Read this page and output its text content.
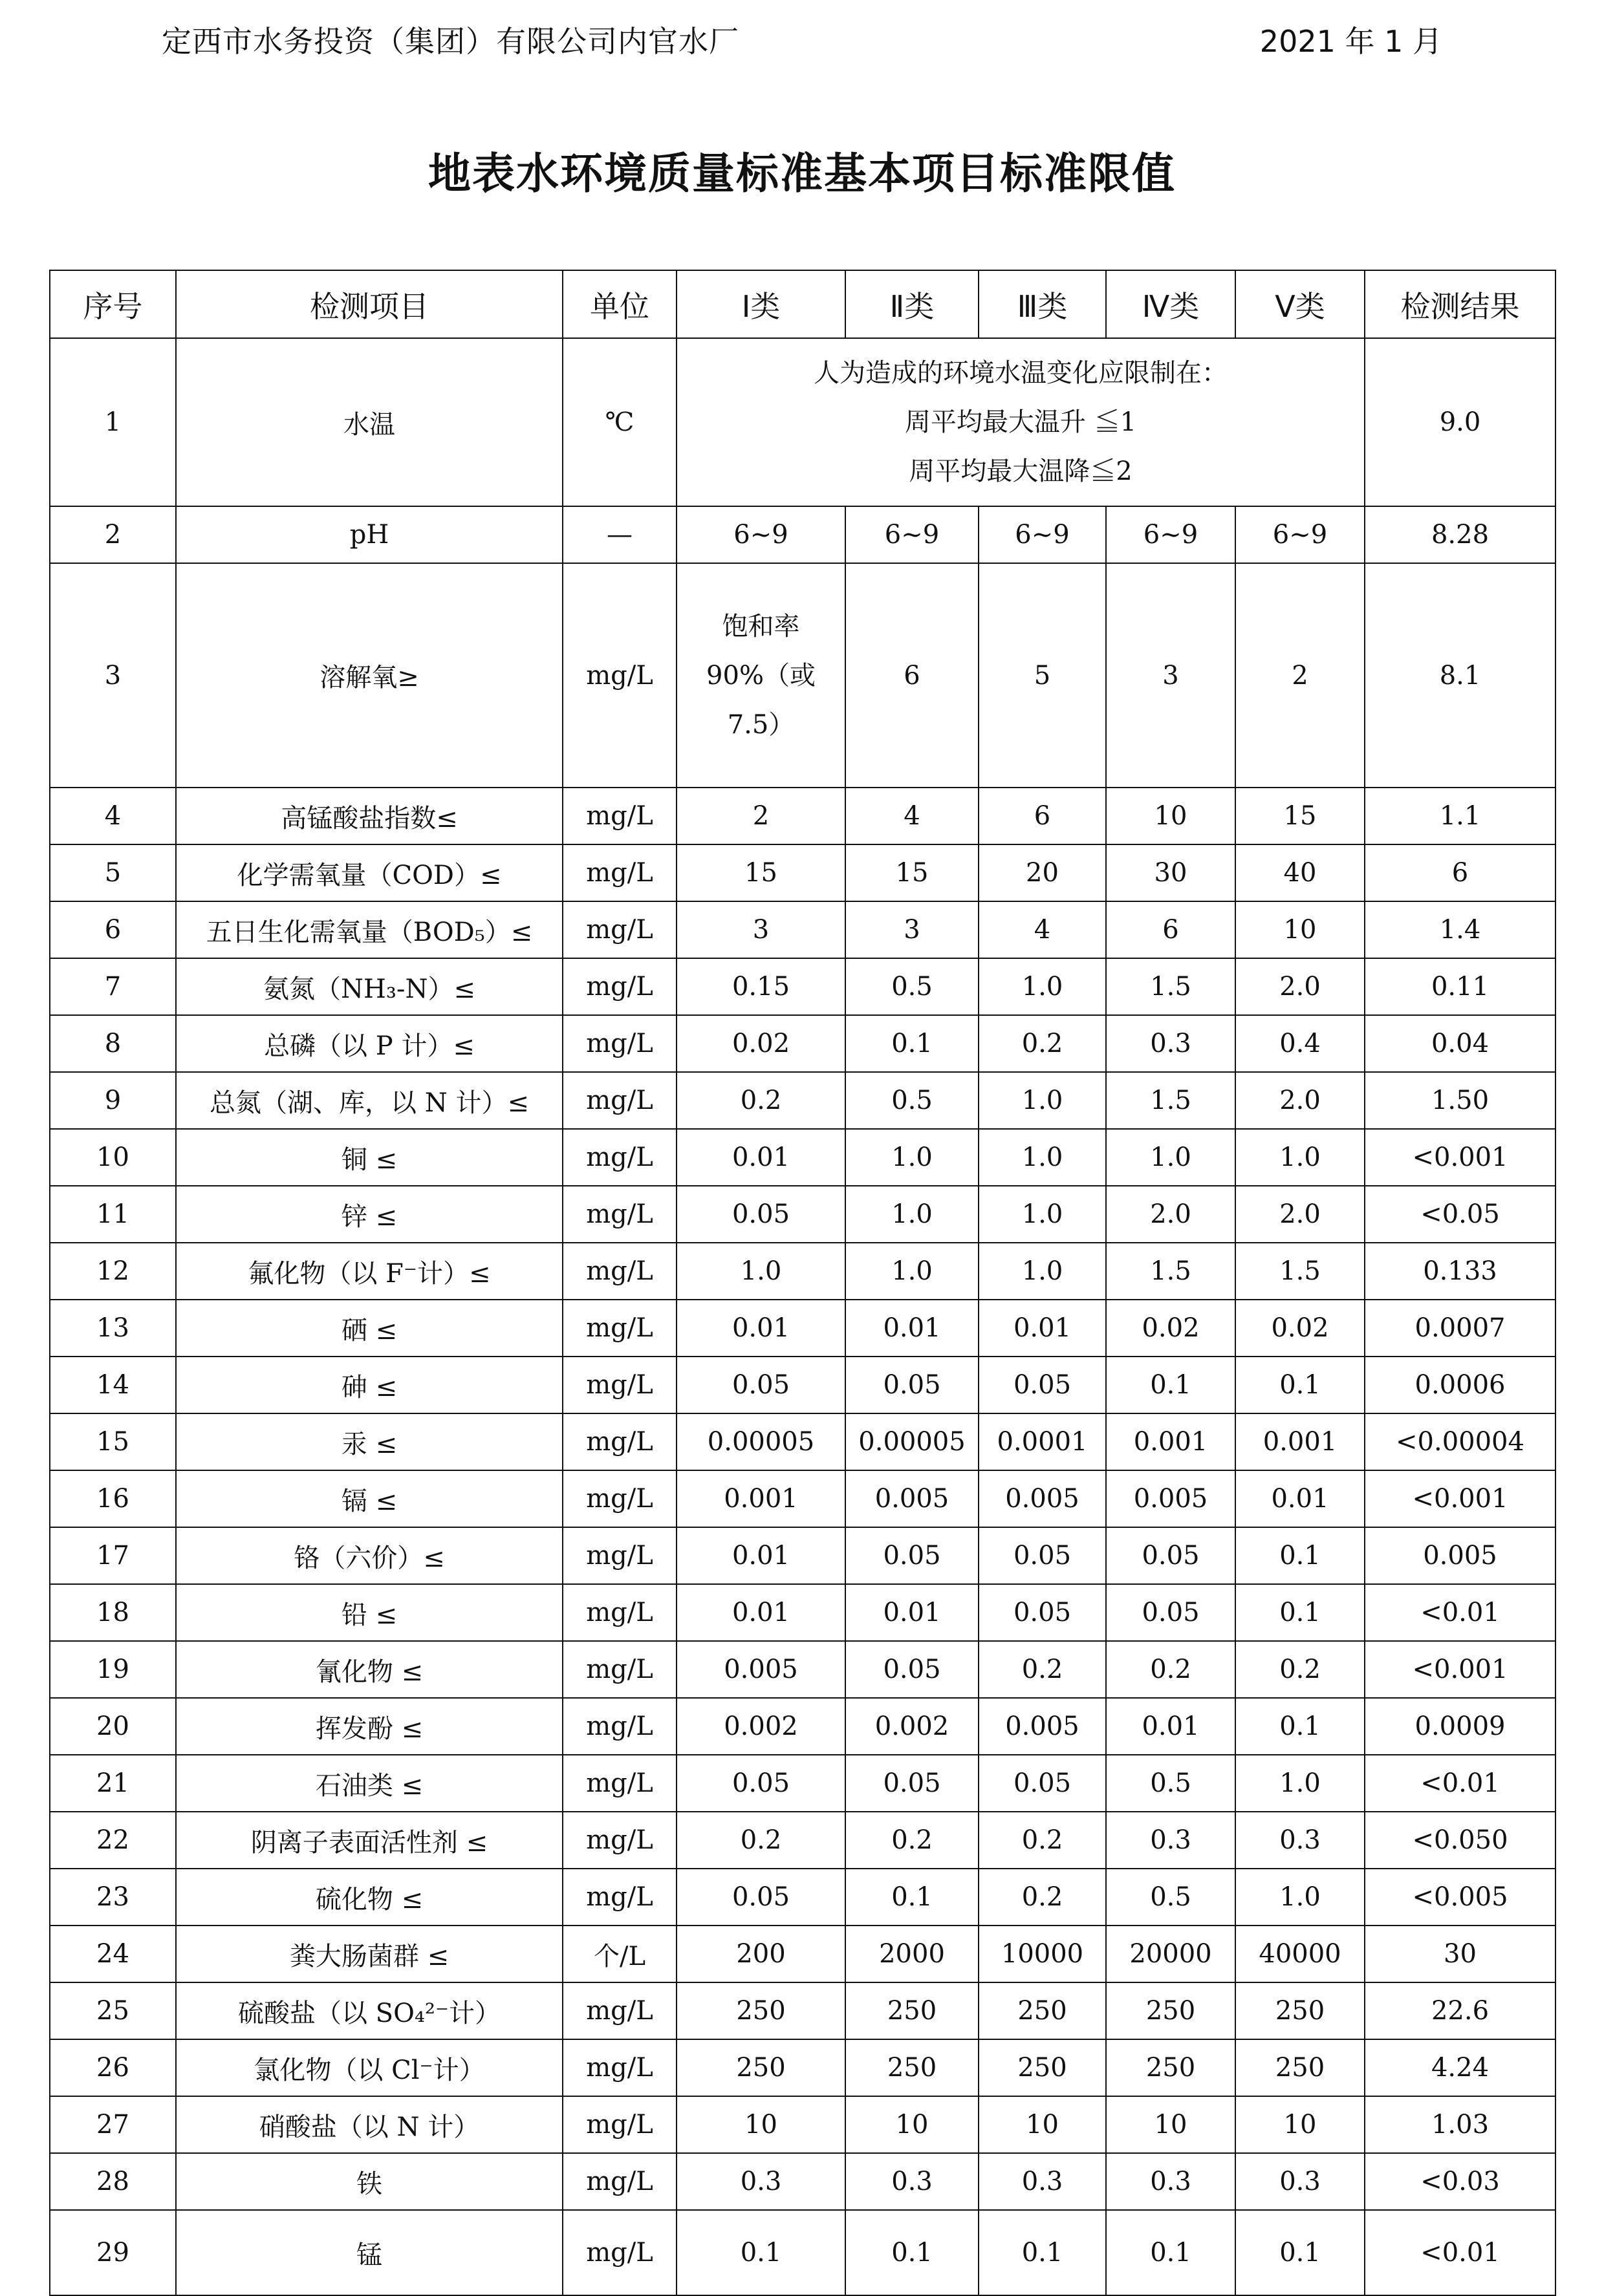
定西市水务投资（集团）有限公司内官水厂	2021 年 1 月
地表水环境质量标准基本项目标准限值
序号	检测项目	单位	Ⅰ类	Ⅱ类	Ⅲ类	Ⅳ类	Ⅴ类	检测结果
1	水温	℃	人为造成的环境水温变化应限制在：
周平均最大温升 ≦1
周平均最大温降≦2					9.0
2	pH	—	6~9	6~9	6~9	6~9	6~9	8.28
3	溶解氧≥	mg/L	饱和率
90%（或
7.5）	6	5	3	2	8.1
4	高锰酸盐指数≤	mg/L	2	4	6	10	15	1.1
5	化学需氧量（COD）≤	mg/L	15	15	20	30	40	6
6	五日生化需氧量（BOD₅）≤	mg/L	3	3	4	6	10	1.4
7	氨氮（NH₃-N）≤	mg/L	0.15	0.5	1.0	1.5	2.0	0.11
8	总磷（以 P 计）≤	mg/L	0.02	0.1	0.2	0.3	0.4	0.04
9	总氮（湖、库，以 N 计）≤	mg/L	0.2	0.5	1.0	1.5	2.0	1.50
10	铜 ≤	mg/L	0.01	1.0	1.0	1.0	1.0	<0.001
11	锌 ≤	mg/L	0.05	1.0	1.0	2.0	2.0	<0.05
12	氟化物（以 F⁻计）≤	mg/L	1.0	1.0	1.0	1.5	1.5	0.133
13	硒 ≤	mg/L	0.01	0.01	0.01	0.02	0.02	0.0007
14	砷 ≤	mg/L	0.05	0.05	0.05	0.1	0.1	0.0006
15	汞 ≤	mg/L	0.00005	0.00005	0.0001	0.001	0.001	<0.00004
16	镉 ≤	mg/L	0.001	0.005	0.005	0.005	0.01	<0.001
17	铬（六价）≤	mg/L	0.01	0.05	0.05	0.05	0.1	0.005
18	铅 ≤	mg/L	0.01	0.01	0.05	0.05	0.1	<0.01
19	氰化物 ≤	mg/L	0.005	0.05	0.2	0.2	0.2	<0.001
20	挥发酚 ≤	mg/L	0.002	0.002	0.005	0.01	0.1	0.0009
21	石油类 ≤	mg/L	0.05	0.05	0.05	0.5	1.0	<0.01
22	阴离子表面活性剂 ≤	mg/L	0.2	0.2	0.2	0.3	0.3	<0.050
23	硫化物 ≤	mg/L	0.05	0.1	0.2	0.5	1.0	<0.005
24	粪大肠菌群 ≤	个/L	200	2000	10000	20000	40000	30
25	硫酸盐（以 SO₄²⁻计）	mg/L	250	250	250	250	250	22.6
26	氯化物（以 Cl⁻计）	mg/L	250	250	250	250	250	4.24
27	硝酸盐（以 N 计）	mg/L	10	10	10	10	10	1.03
28	铁	mg/L	0.3	0.3	0.3	0.3	0.3	<0.03
29	锰	mg/L	0.1	0.1	0.1	0.1	0.1	<0.01
